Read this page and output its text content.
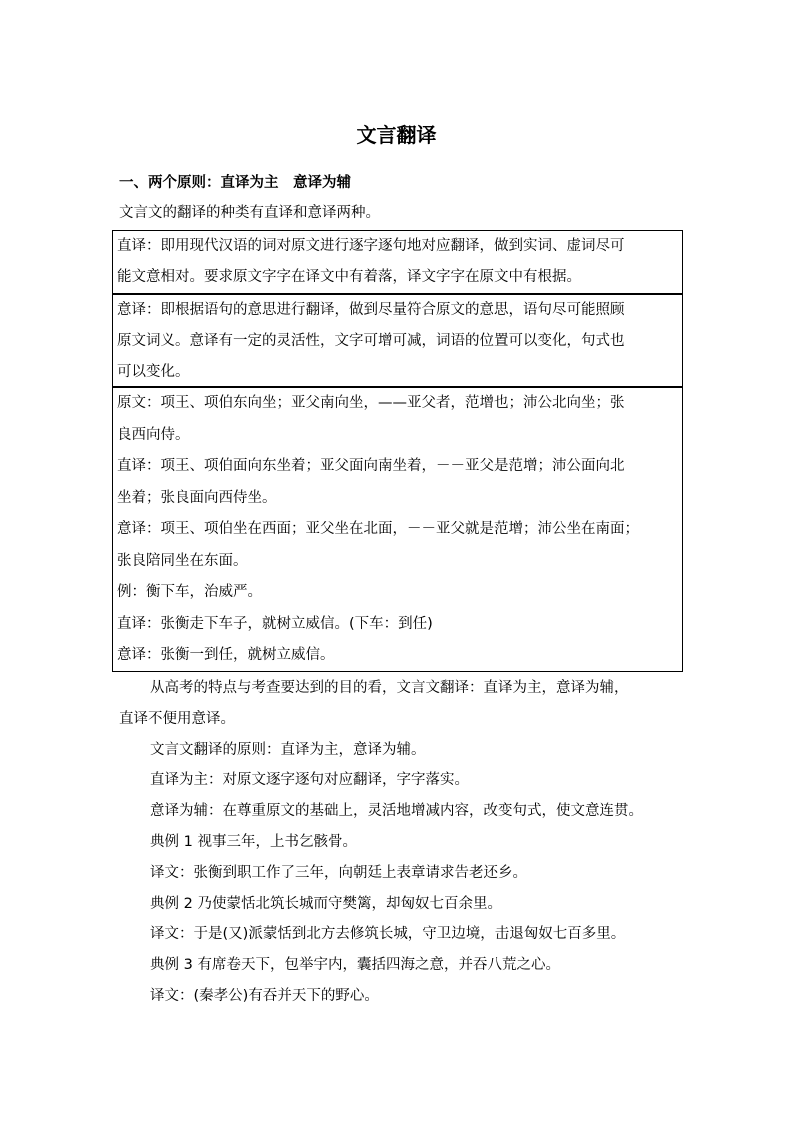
文言翻译
一、两个原则：直译为主　意译为辅
文言文的翻译的种类有直译和意译两种。

直译：即用现代汉语的词对原文进行逐字逐句地对应翻译，做到实词、虚词尽可

能文意相对。要求原文字字在译文中有着落，译文字字在原文中有根据。

意译：即根据语句的意思进行翻译，做到尽量符合原文的意思，语句尽可能照顾

原文词义。意译有一定的灵活性，文字可增可减，词语的位置可以变化，句式也

可以变化。

原文：项王、项伯东向坐；亚父南向坐，——亚父者，范增也；沛公北向坐；张

良西向侍。

直译：项王、项伯面向东坐着；亚父面向南坐着，－－亚父是范增；沛公面向北

坐着；张良面向西侍坐。

意译：项王、项伯坐在西面；亚父坐在北面，－－亚父就是范增；沛公坐在南面；

张良陪同坐在东面。

例：衡下车，治威严。

直译：张衡走下车子，就树立威信。(下车：到任)

意译：张衡一到任，就树立威信。

从高考的特点与考查要达到的目的看，文言文翻译：直译为主，意译为辅，

直译不便用意译。

文言文翻译的原则：直译为主，意译为辅。

直译为主：对原文逐字逐句对应翻译，字字落实。

意译为辅：在尊重原文的基础上，灵活地增减内容，改变句式，使文意连贯。

典例 1 视事三年，上书乞骸骨。

译文：张衡到职工作了三年，向朝廷上表章请求告老还乡。

典例 2 乃使蒙恬北筑长城而守樊篱，却匈奴七百余里。

译文：于是(又)派蒙恬到北方去修筑长城，守卫边境，击退匈奴七百多里。

典例 3 有席卷天下，包举宇内，囊括四海之意，并吞八荒之心。

译文：(秦孝公)有吞并天下的野心。
